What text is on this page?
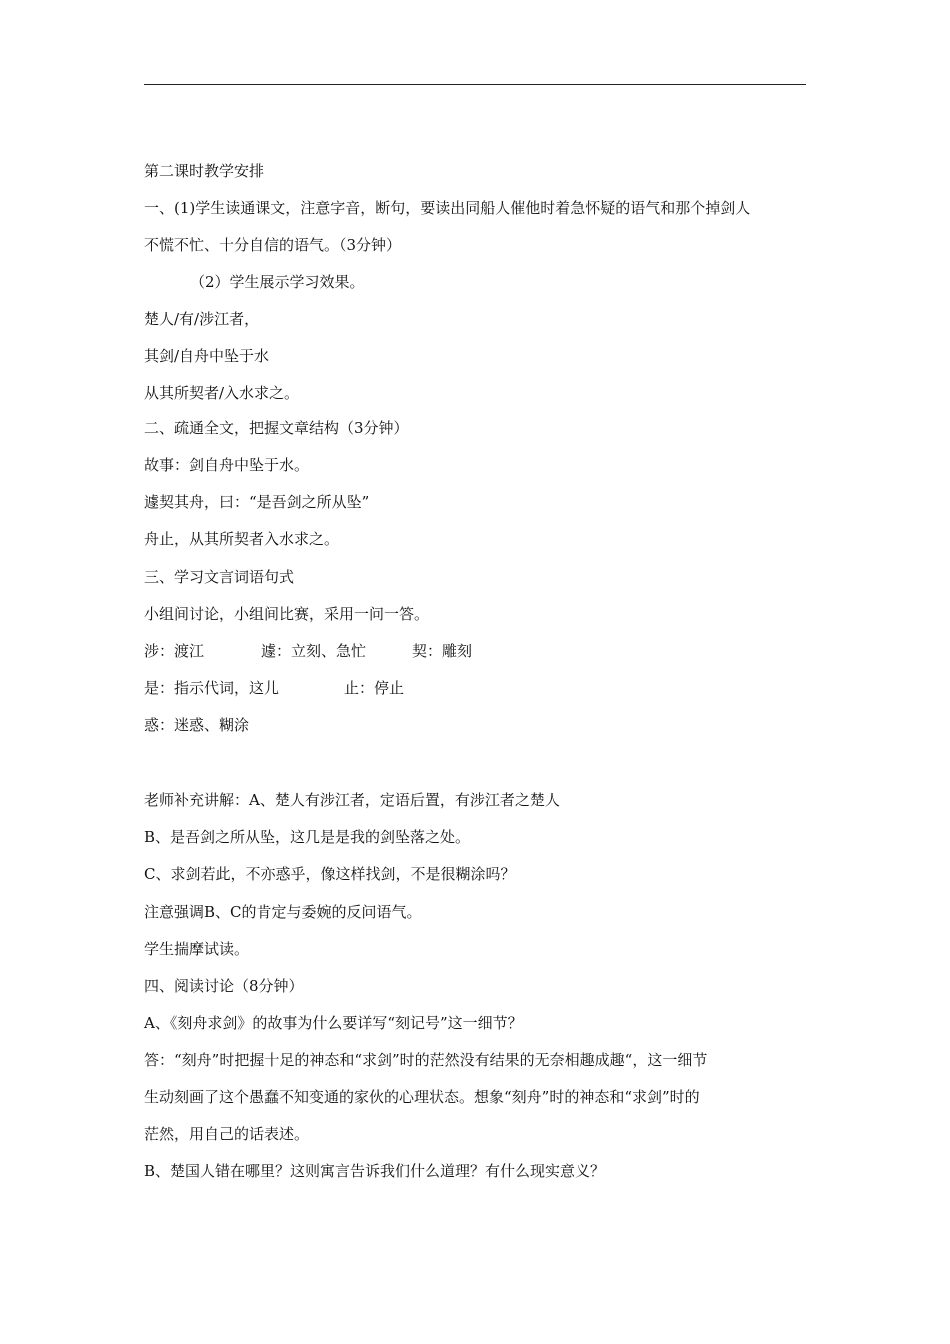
第二课时教学安排
一、(1)学生读通课文，注意字音，断句，要读出同船人催他时着急怀疑的语气和那个掉剑人
不慌不忙、十分自信的语气。（3分钟）
（2）学生展示学习效果。
楚人/有/涉江者，
其剑/自舟中坠于水
从其所契者/入水求之。
二、疏通全文，把握文章结构（3分钟）
故事：剑自舟中坠于水。
遽契其舟，曰：“是吾剑之所从坠”
舟止，从其所契者入水求之。
三、学习文言词语句式
小组间讨论，小组间比赛，采用一问一答。
涉：渡江	遽：立刻、急忙	契：雕刻
是：指示代词，这儿	止：停止
惑：迷惑、糊涂
老师补充讲解：A、楚人有涉江者，定语后置，有涉江者之楚人
B、是吾剑之所从坠，这几是是我的剑坠落之处。
C、求剑若此，不亦惑乎，像这样找剑，不是很糊涂吗？
注意强调B、C的肯定与委婉的反问语气。
学生揣摩试读。
四、阅读讨论（8分钟）
A、《刻舟求剑》的故事为什么要详写“刻记号”这一细节？
答：“刻舟”时把握十足的神态和“求剑”时的茫然没有结果的无奈相趣成趣“，这一细节
生动刻画了这个愚蠢不知变通的家伙的心理状态。想象“刻舟”时的神态和“求剑”时的
茫然，用自己的话表述。
B、楚国人错在哪里？这则寓言告诉我们什么道理？有什么现实意义？
